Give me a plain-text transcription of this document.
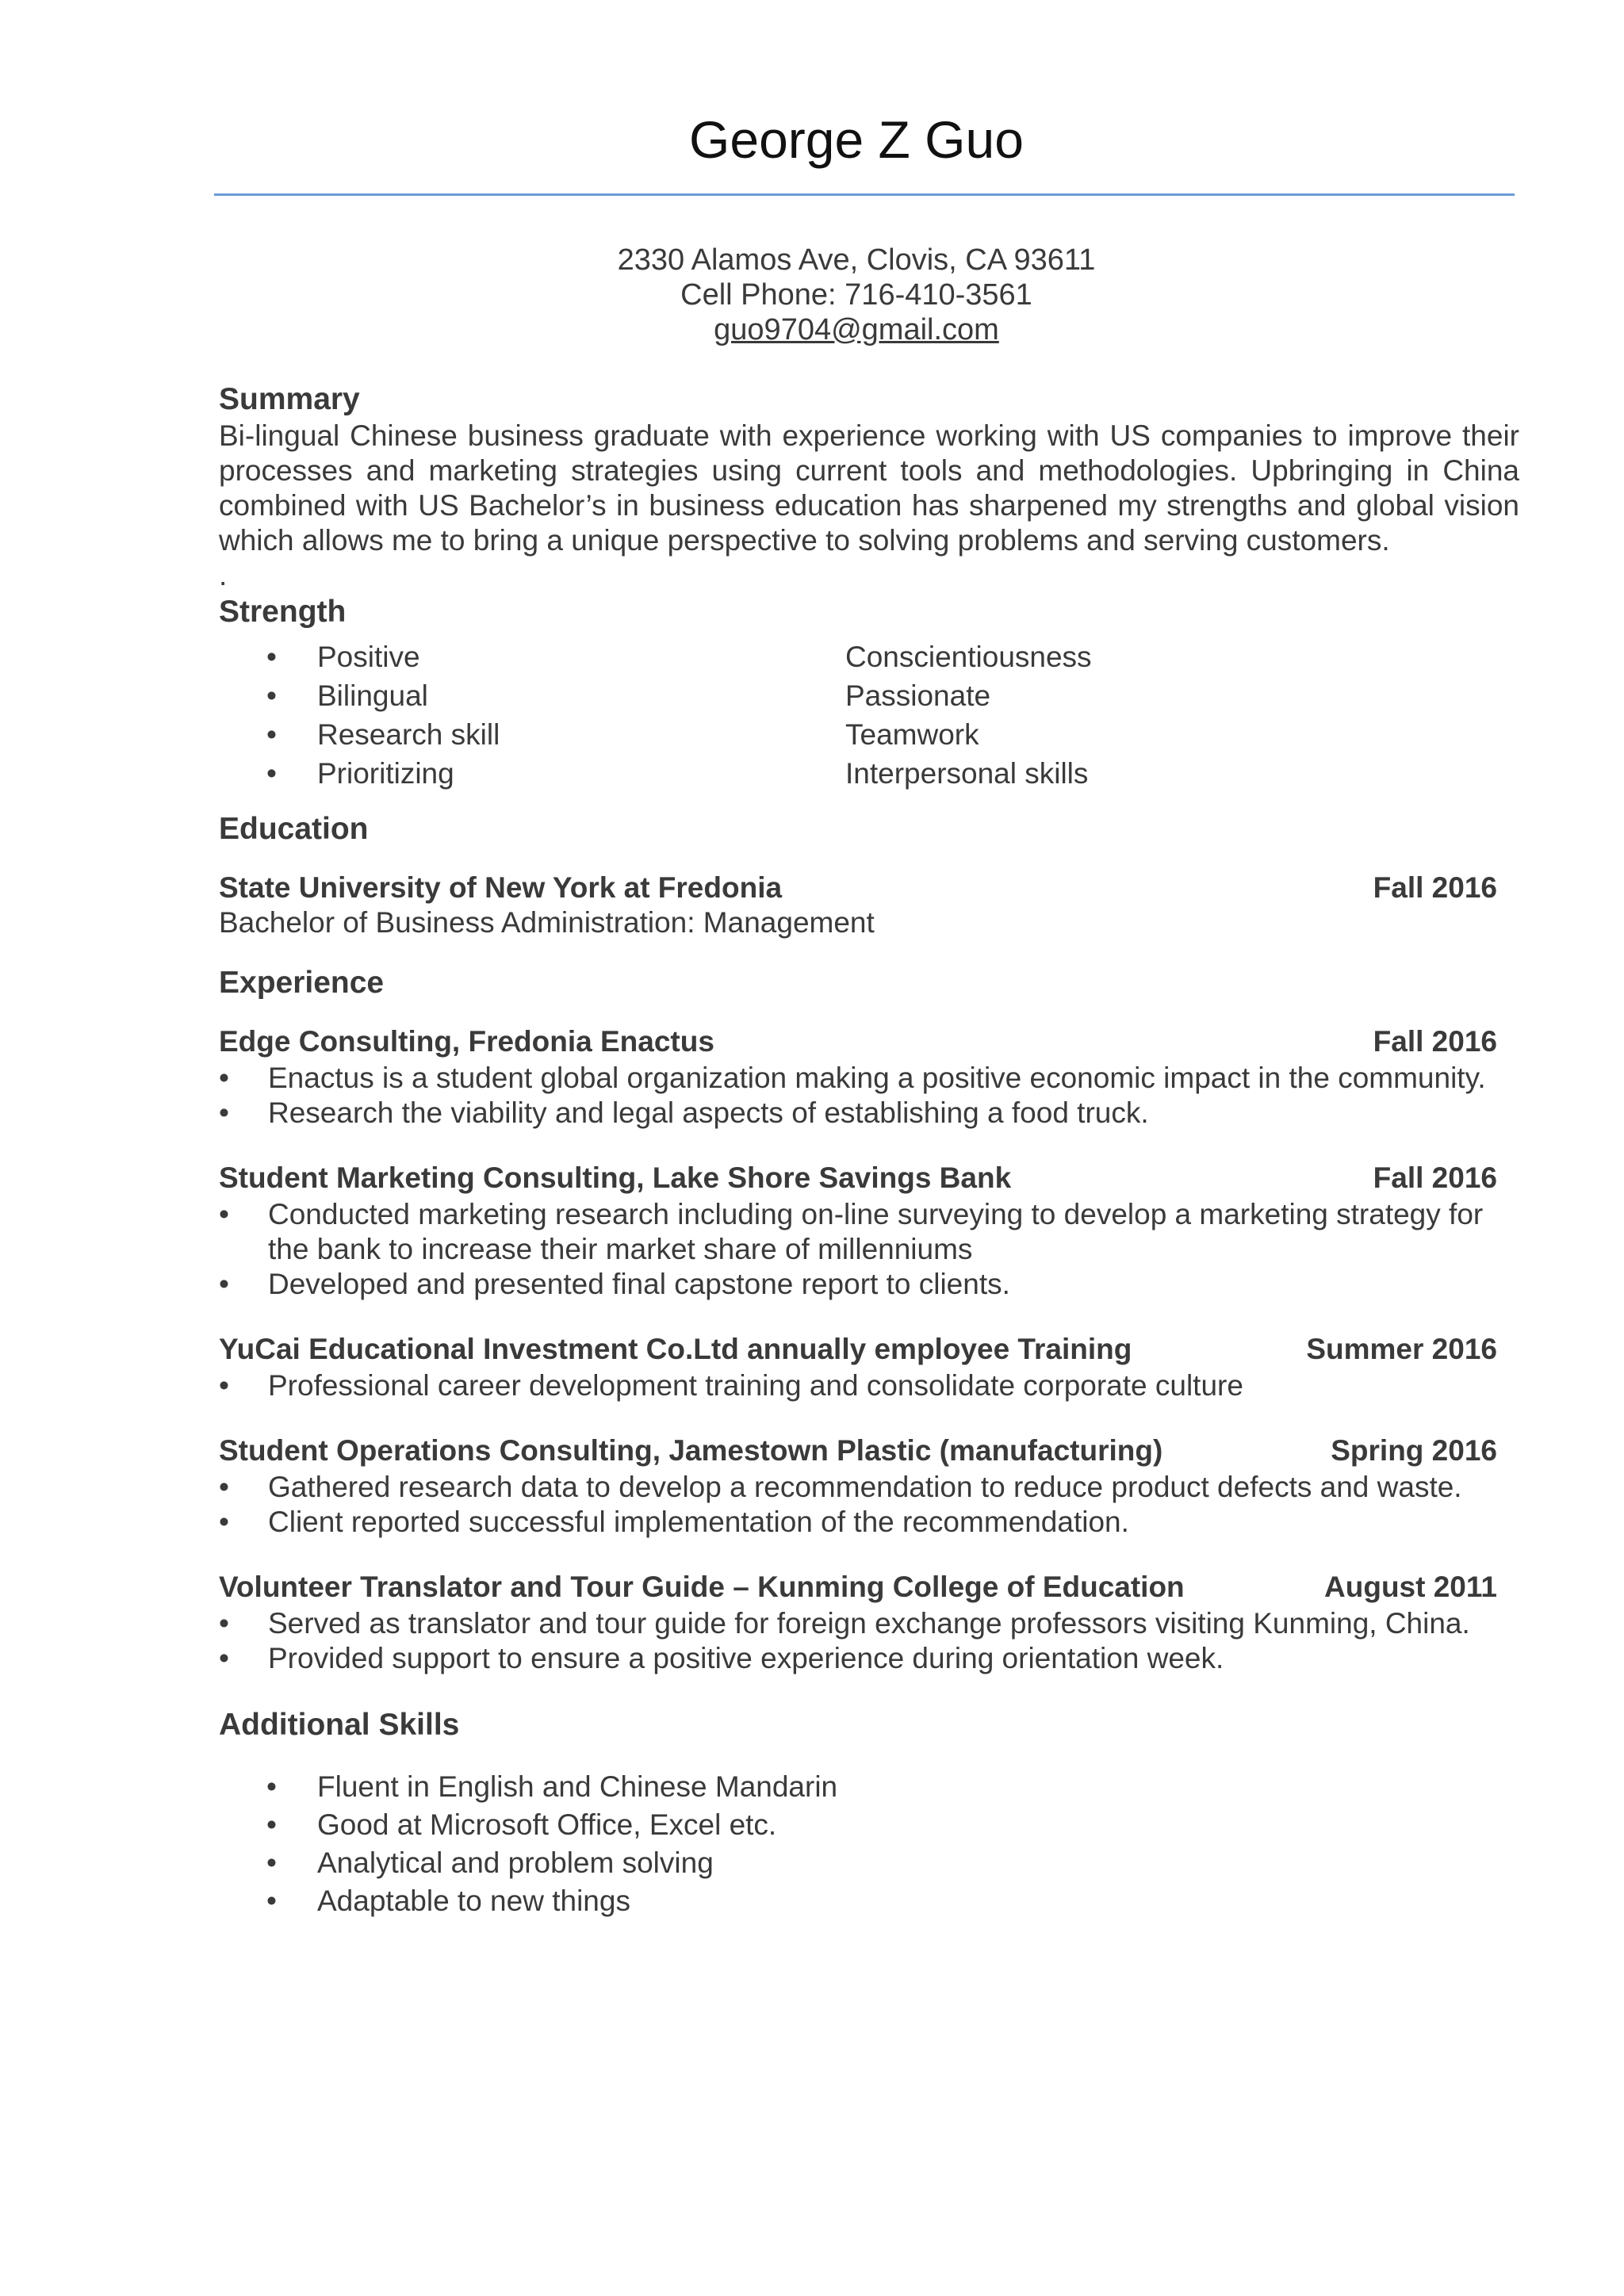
George Z Guo
2330 Alamos Ave, Clovis, CA 93611
Cell Phone: 716-410-3561
guo9704@gmail.com
Summary
Bi-lingual Chinese business graduate with experience working with US companies to improve their processes and marketing strategies using current tools and methodologies. Upbringing in China combined with US Bachelor’s in business education has sharpened my strengths and global vision which allows me to bring a unique perspective to solving problems and serving customers.
.
Strength
•	Positive	Conscientiousness
•	Bilingual	Passionate
•	Research skill	Teamwork
•	Prioritizing	Interpersonal skills
Education
State University of New York at Fredonia	Fall 2016
Bachelor of Business Administration: Management
Experience
Edge Consulting, Fredonia Enactus	Fall 2016
•	Enactus is a student global organization making a positive economic impact in the community.
•	Research the viability and legal aspects of establishing a food truck.
Student Marketing Consulting, Lake Shore Savings Bank	Fall 2016
•	Conducted marketing research including on-line surveying to develop a marketing strategy for the bank to increase their market share of millenniums
•	Developed and presented final capstone report to clients.
YuCai Educational Investment Co.Ltd annually employee Training	Summer 2016
•	Professional career development training and consolidate corporate culture
Student Operations Consulting, Jamestown Plastic (manufacturing)	Spring 2016
•	Gathered research data to develop a recommendation to reduce product defects and waste.
•	Client reported successful implementation of the recommendation.
Volunteer Translator and Tour Guide – Kunming College of Education	August 2011
•	Served as translator and tour guide for foreign exchange professors visiting Kunming, China.
•	Provided support to ensure a positive experience during orientation week.
Additional Skills
•	Fluent in English and Chinese Mandarin
•	Good at Microsoft Office, Excel etc.
•	Analytical and problem solving
•	Adaptable to new things
